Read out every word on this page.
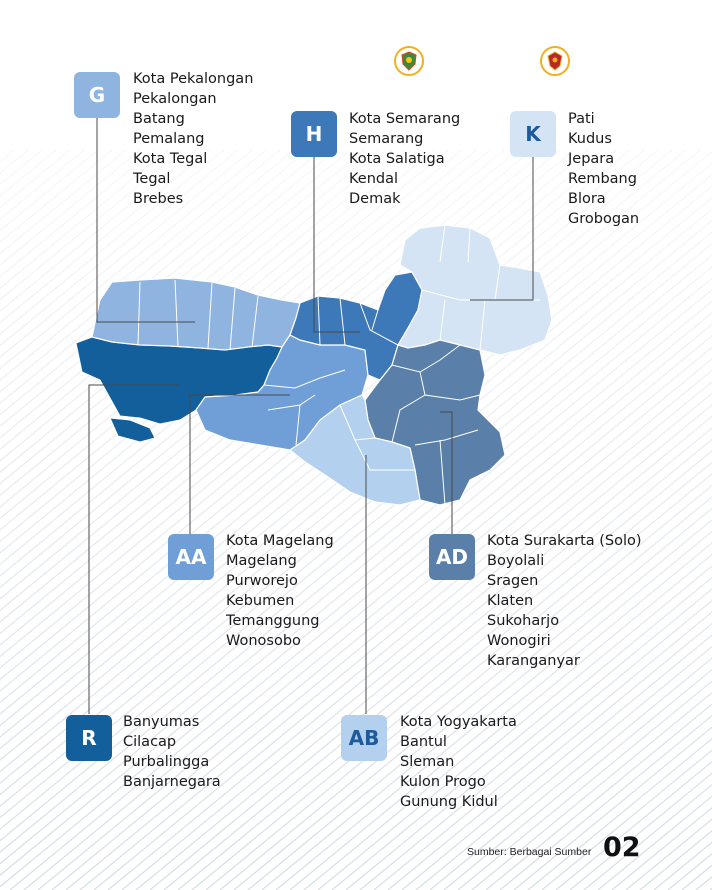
Jateng	DIY
G
H	K
AA	AD
R	AB
Kota Pekalongan
Pekalongan
Batang
Pemalang
Kota Tegal
Tegal
Brebes
Kota Semarang
Semarang
Kota Salatiga
Kendal
Demak
Pati
Kudus
Jepara
Rembang
Blora
Grobogan
Kota Magelang
Magelang
Purworejo
Kebumen
Temanggung
Wonosobo
Kota Surakarta (Solo)
Boyolali
Sragen
Klaten
Sukoharjo
Wonogiri
Karanganyar
Banyumas
Cilacap
Purbalingga
Banjarnegara
Kota Yogyakarta
Bantul
Sleman
Kulon Progo
Gunung Kidul
Sumber: Berbagai Sumber 02
